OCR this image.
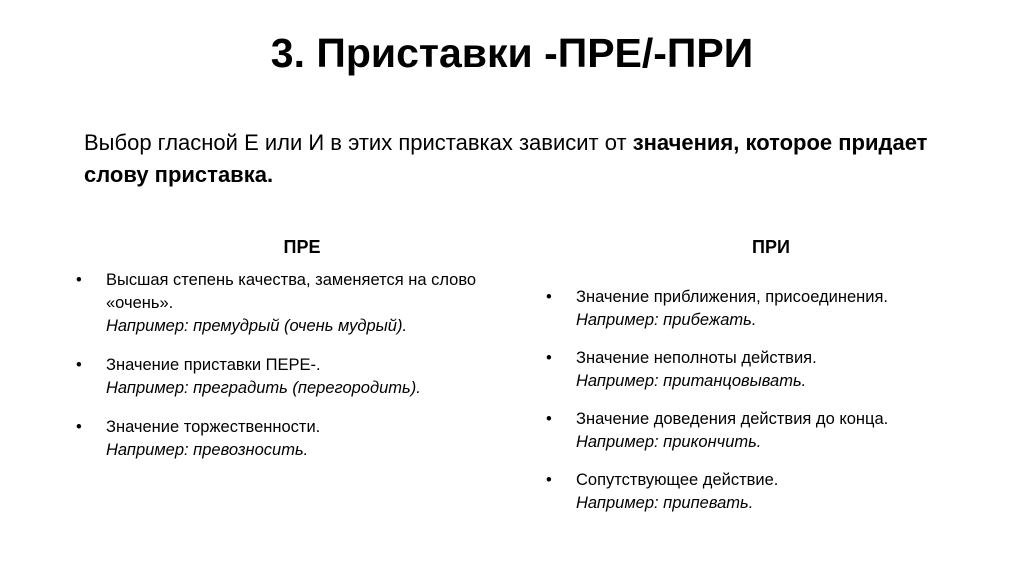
3. Приставки -ПРЕ/-ПРИ
Выбор гласной Е или И в этих приставках зависит от значения, которое придает слову приставка.
ПРЕ
• Высшая степень качества, заменяется на слово «очень».
Например: премудрый (очень мудрый).
• Значение приставки ПЕРЕ-.
Например: преградить (перегородить).
• Значение торжественности.
Например: превозносить.
ПРИ
• Значение приближения, присоединения.
Например: прибежать.
• Значение неполноты действия.
Например: пританцовывать.
• Значение доведения действия до конца.
Например: прикончить.
• Сопутствующее действие.
Например: припевать.
